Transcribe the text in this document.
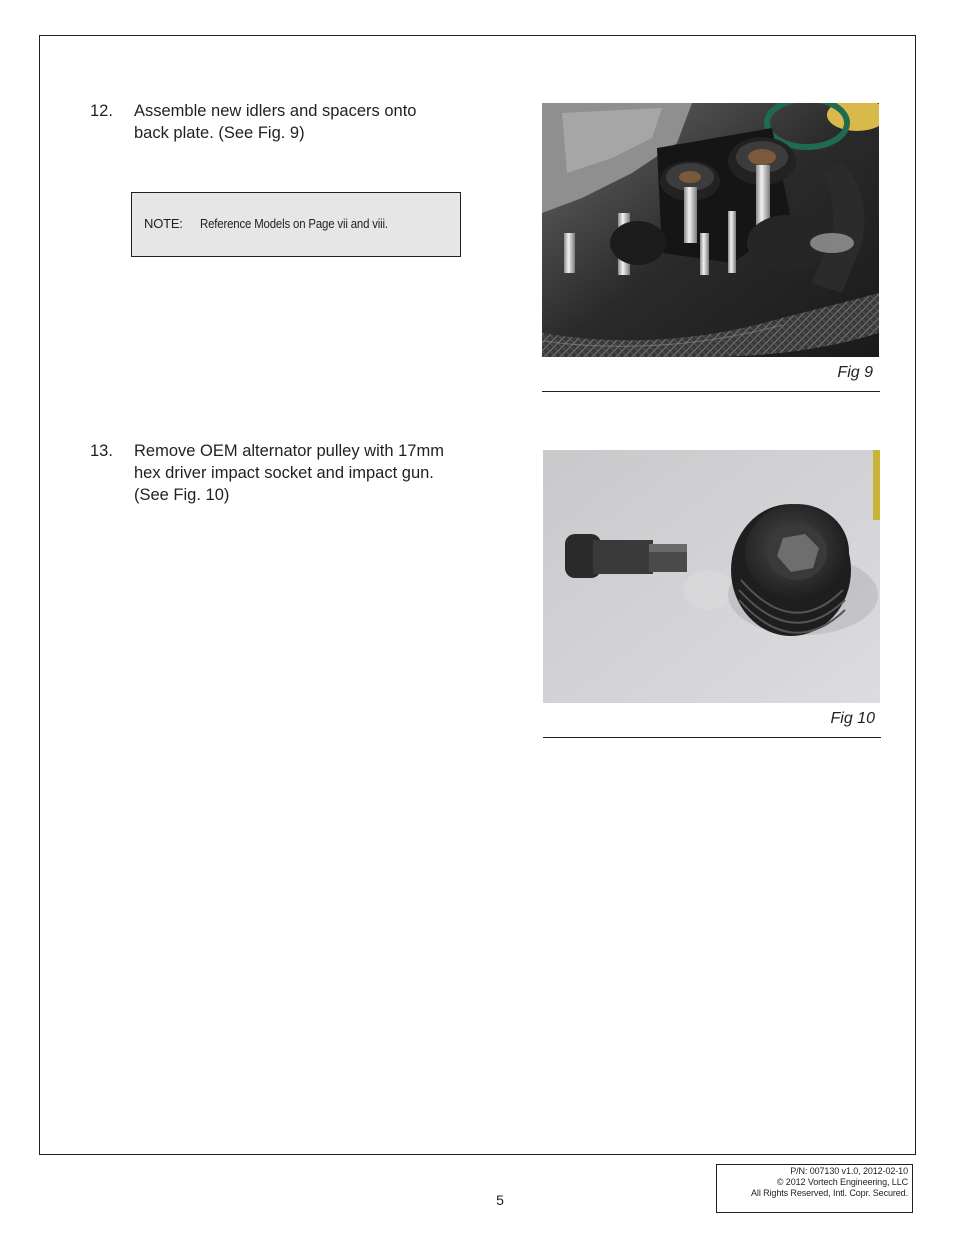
12. Assemble new idlers and spacers onto
back plate. (See Fig. 9)
NOTE: Reference Models on Page vii and viii.
Fig 9
13. Remove OEM alternator pulley with 17mm
hex driver impact socket and impact gun.
(See Fig. 10)
Fig 10
5
P/N: 007130 v1.0, 2012-02-10
© 2012 Vortech Engineering, LLC
All Rights Reserved, Intl. Copr. Secured.
